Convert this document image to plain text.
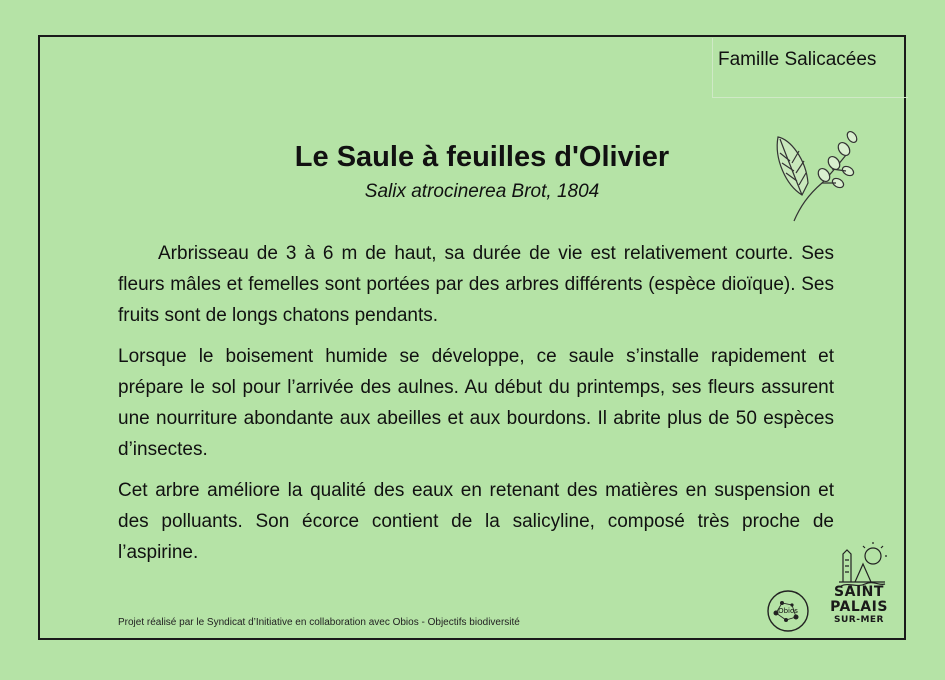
Famille Salicacées
Le Saule à feuilles d'Olivier
Salix atrocinerea Brot, 1804

Arbrisseau de 3 à 6 m de haut, sa durée de vie est relativement courte. Ses fleurs mâles et femelles sont portées par des arbres différents (espèce dioïque). Ses fruits sont de longs chatons pendants.

Lorsque le boisement humide se développe, ce saule s’installe rapidement et prépare le sol pour l’arrivée des aulnes. Au début du printemps, ses fleurs assurent une nourriture abondante aux abeilles et aux bourdons. Il abrite plus de 50 espèces d’insectes.

Cet arbre améliore la qualité des eaux en retenant des matières en suspension et des polluants. Son écorce contient de la salicyline, composé très proche de l’aspirine.

Projet réalisé par le Syndicat d’Initiative en collaboration avec Obios - Objectifs biodiversité
Obios
SAINT
PALAIS
SUR-MER
